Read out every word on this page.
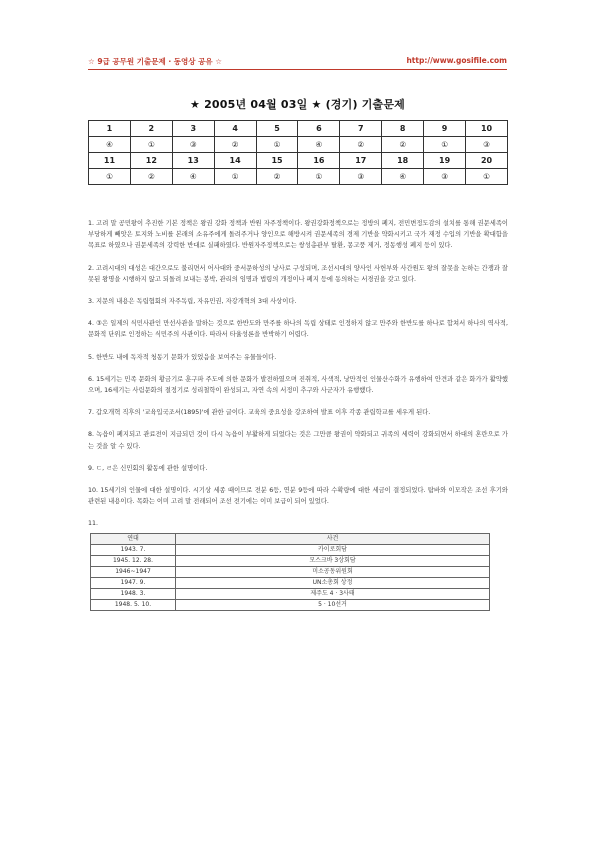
☆ 9급 공무원 기출문제 · 동영상 공유 ☆	http://www.gosifile.com
★ 2005년 04월 03일 ★ (경기) 기출문제
1	2	3	4	5	6	7	8	9	10
④	①	③	②	①	④	②	②	①	③
11	12	13	14	15	16	17	18	19	20
①	②	④	①	②	①	③	④	③	①

1. 고려 말 공민왕이 추진한 기본 정책은 왕권 강화 정책과 반원 자주정책이다. 왕권강화정책으로는 정방의 폐지, 전민변정도감의 설치를 통해 권문세족이 부당하게 빼앗은 토지와 노비를 본래의 소유주에게 돌려주거나 양인으로 해방시켜 권문세족의 경제 기반을 약화시키고 국가 재정 수입의 기반을 확대함을 목표로 하였으나 권문세족의 강력한 반대로 실패하였다. 반원자주정책으로는 쌍성총관부 탈환, 몽고풍 제거, 정동행성 폐지 등이 있다.

2. 고려시대의 대성은 대간으로도 불리면서 어사대와 중서문하성의 낭사로 구성되며, 조선시대의 양사인 사헌부와 사간원도 왕의 잘못을 논하는 간쟁과 잘못된 왕명을 시행하지 않고 되돌려 보내는 봉박, 관리의 임명과 법령의 개정이나 폐지 등에 동의하는 서경권을 갖고 있다.

3. 지문의 내용은 독립협회의 자주독립, 자유민권, 자강개혁의 3대 사상이다.

4. ③은 일제의 식민사관인 만선사관을 말하는 것으로 한반도와 만주를 하나의 독립 상태로 인정하지 않고 만주와 한반도를 하나로 합쳐서 하나의 역사적, 문화적 단위로 인정하는 식민주의 사관이다. 따라서 타율성론을 반박하기 어렵다.

5. 한반도 내에 독자적 청동기 문화가 있었음을 보여주는 유물들이다.

6. 15세기는 민족 문화의 황금기로 훈구파 주도에 의한 문화가 발전하였으며 진취적, 사색적, 낭만적인 인물산수화가 유행하여 안견과 같은 화가가 활약했으며, 16세기는 사림문화의 절정기로 성리철학이 완성되고, 자연 속의 서정미 추구와 사군자가 유행했다.

7. 갑오개혁 직후의 '교육입국조서(1895)'에 관한 글이다. 교육의 중요성을 강조하여 발표 이후 각종 관립학교를 세우게 된다.

8. 녹읍이 폐지되고 관료전이 지급되던 것이 다시 녹읍이 부활하게 되었다는 것은 그만큼 왕권이 약화되고 귀족의 세력이 강화되면서 하대의 혼란으로 가는 것을 알 수 있다.

9. ㄷ, ㄹ은 신민회의 활동에 관한 설명이다.

10. 15세기의 인물에 대한 설명이다. 시기상 세종 때이므로 전분 6등, 연분 9등에 따라 수확량에 대한 세금이 결정되었다. 탐바와 이모작은 조선 후기와 관련된 내용이다. 목화는 이미 고려 말 전래되어 조선 전기에는 이미 보급이 되어 있었다.

11.
연대	사건
1943. 7.	카이로회담
1945. 12. 28.	모스크바 3상회담
1946~1947	미소공동위원회
1947. 9.	UN소총회 상정
1948. 3.	제주도 4 · 3사태
1948. 5. 10.	5 · 10선거
